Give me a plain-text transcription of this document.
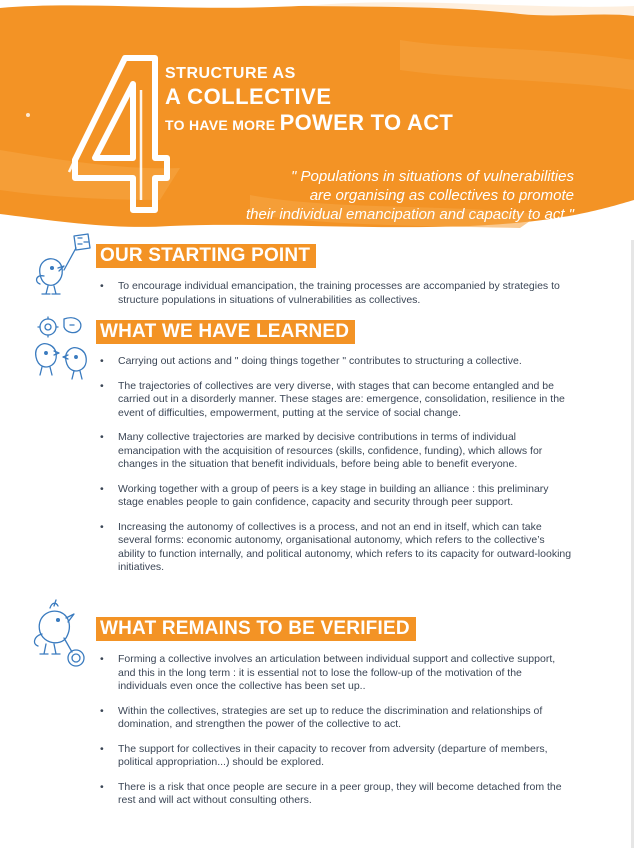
STRUCTURE AS
A COLLECTIVE
TO HAVE MORE POWER TO ACT
" Populations in situations of vulnerabilities
are organising as collectives to promote
their individual emancipation and capacity to act "
OUR STARTING POINT
• To encourage individual emancipation, the training processes are accompanied by strategies to structure populations in situations of vulnerabilities as collectives.
WHAT WE HAVE LEARNED
• Carrying out actions and " doing things together " contributes to structuring a collective.
• The trajectories of collectives are very diverse, with stages that can become entangled and be carried out in a disorderly manner. These stages are: emergence, consolidation, resilience in the event of difficulties, empowerment, putting at the service of social change.
• Many collective trajectories are marked by decisive contributions in terms of individual emancipation with the acquisition of resources (skills, confidence, funding), which allows for changes in the situation that benefit individuals, before being able to benefit everyone.
• Working together with a group of peers is a key stage in building an alliance : this preliminary stage enables people to gain confidence, capacity and security through peer support.
• Increasing the autonomy of collectives is a process, and not an end in itself, which can take several forms: economic autonomy, organisational autonomy, which refers to the collective’s ability to function internally, and political autonomy, which refers to its capacity for outward-looking initiatives.
WHAT REMAINS TO BE VERIFIED
• Forming a collective involves an articulation between individual support and collective support, and this in the long term : it is essential not to lose the follow-up of the motivation of the individuals even once the collective has been set up..
• Within the collectives, strategies are set up to reduce the discrimination and relationships of domination, and strengthen the power of the collective to act.
• The support for collectives in their capacity to recover from adversity (departure of members, political appropriation...) should be explored.
• There is a risk that once people are secure in a peer group, they will become detached from the rest and will act without consulting others.
